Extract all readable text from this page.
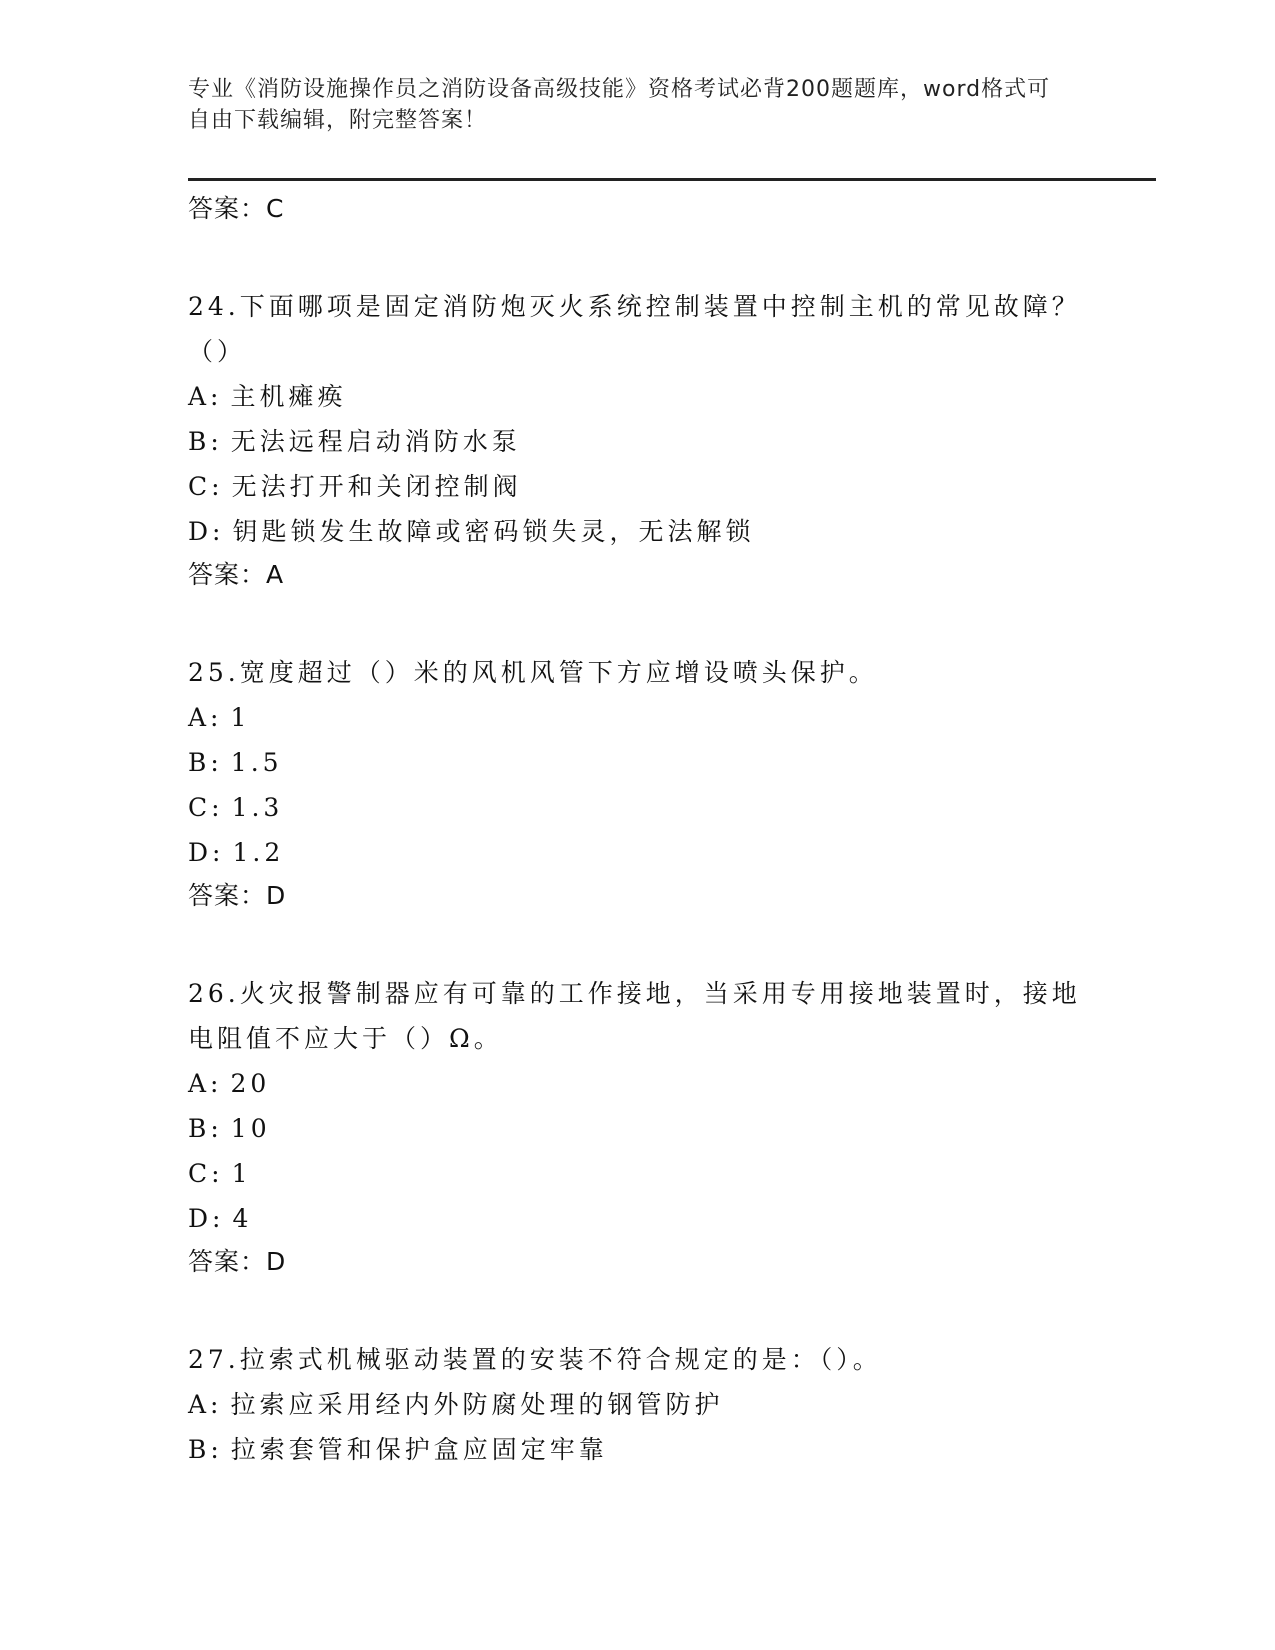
专业《消防设施操作员之消防设备高级技能》资格考试必背200题题库，word格式可自由下载编辑，附完整答案！

答案：C

24.下面哪项是固定消防炮灭火系统控制装置中控制主机的常见故障？（）

A: 主机瘫痪

B: 无法远程启动消防水泵

C: 无法打开和关闭控制阀

D: 钥匙锁发生故障或密码锁失灵，无法解锁

答案：A

25.宽度超过（）米的风机风管下方应增设喷头保护。

A: 1

B: 1.5

C: 1.3

D: 1.2

答案：D

26.火灾报警制器应有可靠的工作接地，当采用专用接地装置时，接地电阻值不应大于（）Ω。

A: 20

B: 10

C: 1

D: 4

答案：D

27.拉索式机械驱动装置的安装不符合规定的是：（）。

A: 拉索应采用经内外防腐处理的钢管防护

B: 拉索套管和保护盒应固定牢靠
